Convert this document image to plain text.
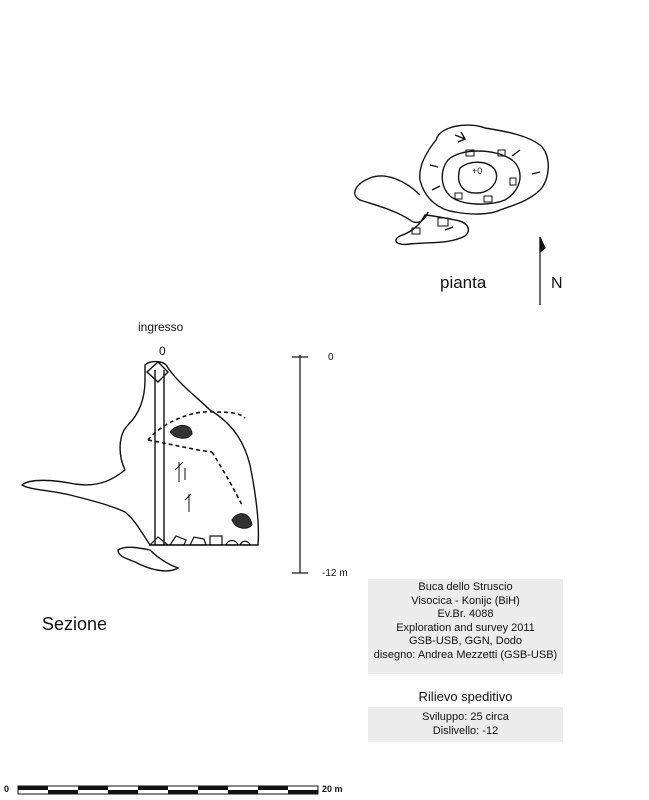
+0
pianta	N
ingresso
0	0
-12 m
Sezione
Buca dello Struscio
Visocica - Konijc (BiH)
Ev.Br. 4088
Exploration and survey 2011
GSB-USB, GGN, Dodo
disegno: Andrea Mezzetti (GSB-USB)
Rilievo speditivo
Sviluppo: 25 circa
Dislivello: -12
0	20 m
